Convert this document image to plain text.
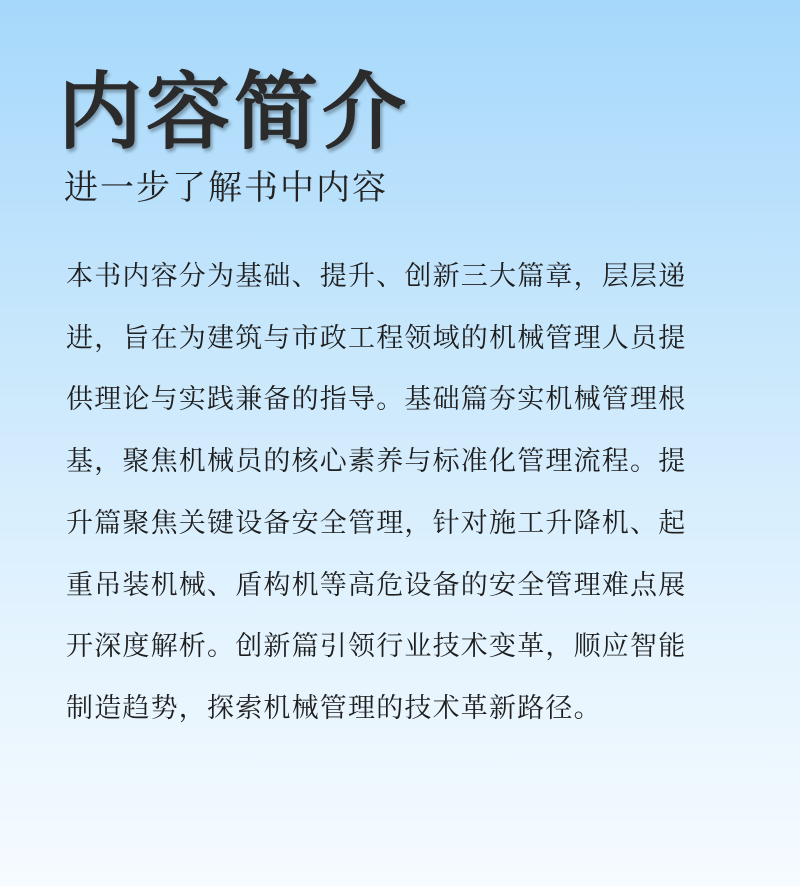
内容简介
进一步了解书中内容
本书内容分为基础、提升、创新三大篇章，层层递
进，旨在为建筑与市政工程领域的机械管理人员提
供理论与实践兼备的指导。基础篇夯实机械管理根
基，聚焦机械员的核心素养与标准化管理流程。提
升篇聚焦关键设备安全管理，针对施工升降机、起
重吊装机械、盾构机等高危设备的安全管理难点展
开深度解析。创新篇引领行业技术变革，顺应智能
制造趋势，探索机械管理的技术革新路径。
